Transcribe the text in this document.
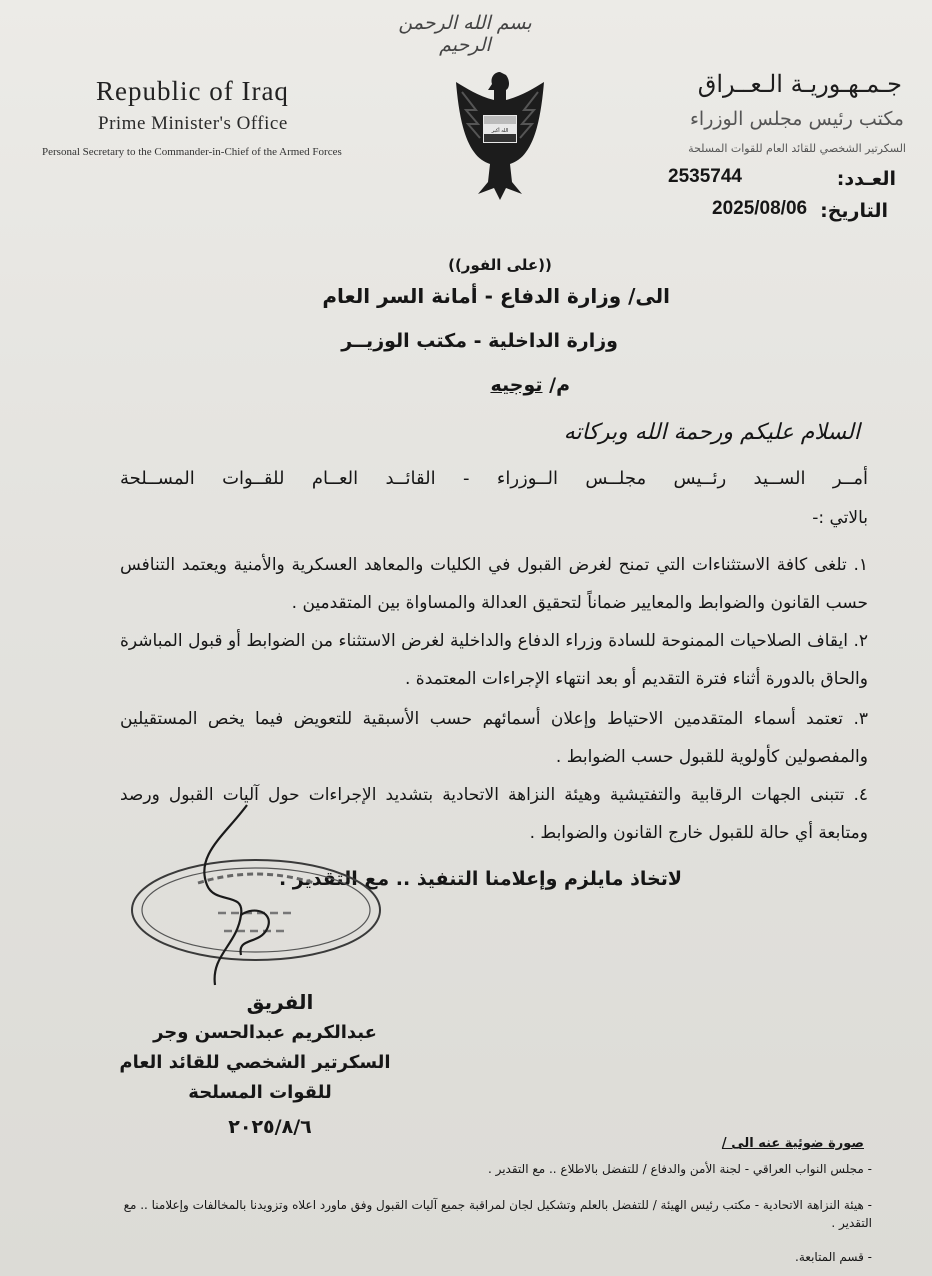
بسم الله الرحمن الرحيم
Republic of Iraq
Prime Minister's Office
Personal Secretary to the Commander-in-Chief of the Armed Forces
الله أكبر
جـمـهـوريـة الـعــراق
مكتب رئيس مجلس الوزراء
السكرتير الشخصي للقائد العام للقوات المسلحة
العـدد:
2535744
التاريخ:
2025/08/06
((على الفور))
الى/ وزارة الدفاع - أمانة السر العام
وزارة الداخلية - مكتب الوزيــر
م/ توجيه
السلام عليكم ورحمة الله وبركاته
أمــر الســيد رئــيس مجلــس الــوزراء - القائــد العــام للقــوات المســلحة
بالاتي :-
١. تلغى كافة الاستثناءات التي تمنح لغرض القبول في الكليات والمعاهد العسكرية والأمنية ويعتمد التنافس حسب القانون والضوابط والمعايير ضماناً لتحقيق العدالة والمساواة بين المتقدمين .
٢. ايقاف الصلاحيات الممنوحة للسادة وزراء الدفاع والداخلية لغرض الاستثناء من الضوابط أو قبول المباشرة والحاق بالدورة أثناء فترة التقديم أو بعد انتهاء الإجراءات المعتمدة .
٣. تعتمد أسماء المتقدمين الاحتياط وإعلان أسمائهم حسب الأسبقية للتعويض فيما يخص المستقيلين والمفصولين كأولوية للقبول حسب الضوابط .
٤. تتبنى الجهات الرقابية والتفتيشية وهيئة النزاهة الاتحادية بتشديد الإجراءات حول آليات القبول ورصد ومتابعة أي حالة للقبول خارج القانون والضوابط .
لاتخاذ مايلزم وإعلامنا التنفيذ .. مع التقدير .
الفريق
عبدالكريم عبدالحسن وجر
السكرتير الشخصي للقائد العام
للقوات المسلحة
٢٠٢٥/٨/٦
صورة ضوئية عنه الى /
- مجلس النواب العراقي - لجنة الأمن والدفاع / للتفضل بالاطلاع .. مع التقدير .
- هيئة النزاهة الاتحادية - مكتب رئيس الهيئة / للتفضل بالعلم وتشكيل لجان لمراقبة جميع آليات القبول وفق ماورد اعلاه وتزويدنا بالمخالفات وإعلامنا .. مع التقدير .
- قسم المتابعة.
